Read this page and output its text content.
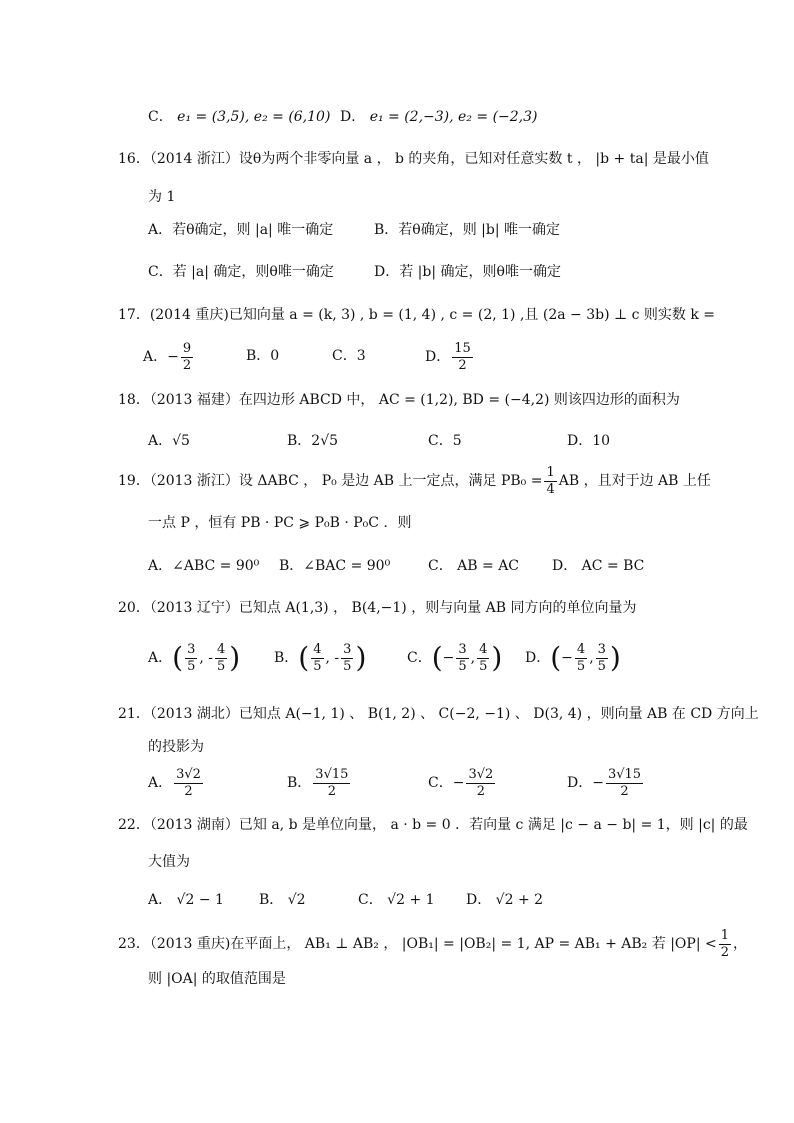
C． e₁ = (3,5), e₂ = (6,10) D． e₁ = (2,−3), e₂ = (−2,3)
16．（2014 浙江）设θ为两个非零向量 a ， b 的夹角，已知对任意实数 t ， |b + ta| 是最小值
为 1
A．若θ确定，则 |a| 唯一确定	B．若θ确定，则 |b| 唯一确定
C．若 |a| 确定，则θ唯一确定	D．若 |b| 确定，则θ唯一确定
17．(2014 重庆)已知向量 a = (k, 3) , b = (1, 4) , c = (2, 1) ,且 (2a − 3b) ⊥ c 则实数 k =
A．− $\frac{9}{2}$	B．0	C．3	D． $\frac{15}{2}$
18．（2013 福建）在四边形 ABCD 中， AC = (1,2), BD = (−4,2) 则该四边形的面积为
A．√5	B．2√5	C．5	D．10
19．（2013 浙江）设 ΔABC ， P₀ 是边 AB 上一定点，满足 $PB_0 = \frac{1}{4}$ AB ，且对于边 AB 上任
一点 P ，恒有 PB · PC ⩾ P₀B · P₀C ．则
A．∠ABC = 90⁰ B．∠BAC = 90⁰	C． AB = AC D． AC = BC
20．（2013 辽宁）已知点 A(1,3) ， B(4,−1) ，则与向量 AB 同方向的单位向量为
A．( $\frac{3}{5}$ , - $\frac{4}{5}$ ) B．( $\frac{4}{5}$ , - $\frac{3}{5}$ )	C．(− $\frac{3}{5}$ , $\frac{4}{5}$ ) D．(− $\frac{4}{5}$ , $\frac{3}{5}$ )
21．（2013 湖北）已知点 A(−1, 1) 、 B(1, 2) 、 C(−2, −1) 、 D(3, 4) ，则向量 AB 在 CD 方向上
的投影为
A． $\frac{3√2}{2}$	B． $\frac{3√15}{2}$	C．− $\frac{3√2}{2}$	D．− $\frac{3√15}{2}$
22．（2013 湖南）已知 a, b 是单位向量， a · b = 0 ．若向量 c 满足 |c − a − b| = 1，则 |c| 的最
大值为
A． √2 − 1	B． √2	C． √2 + 1 D． √2 + 2
23．（2013 重庆)在平面上， AB₁ ⊥ AB₂ ， |OB₁| = |OB₂| = 1, AP = AB₁ + AB₂ 若 $|OP| < \frac{1}{2}$ ，
则 |OA| 的取值范围是
